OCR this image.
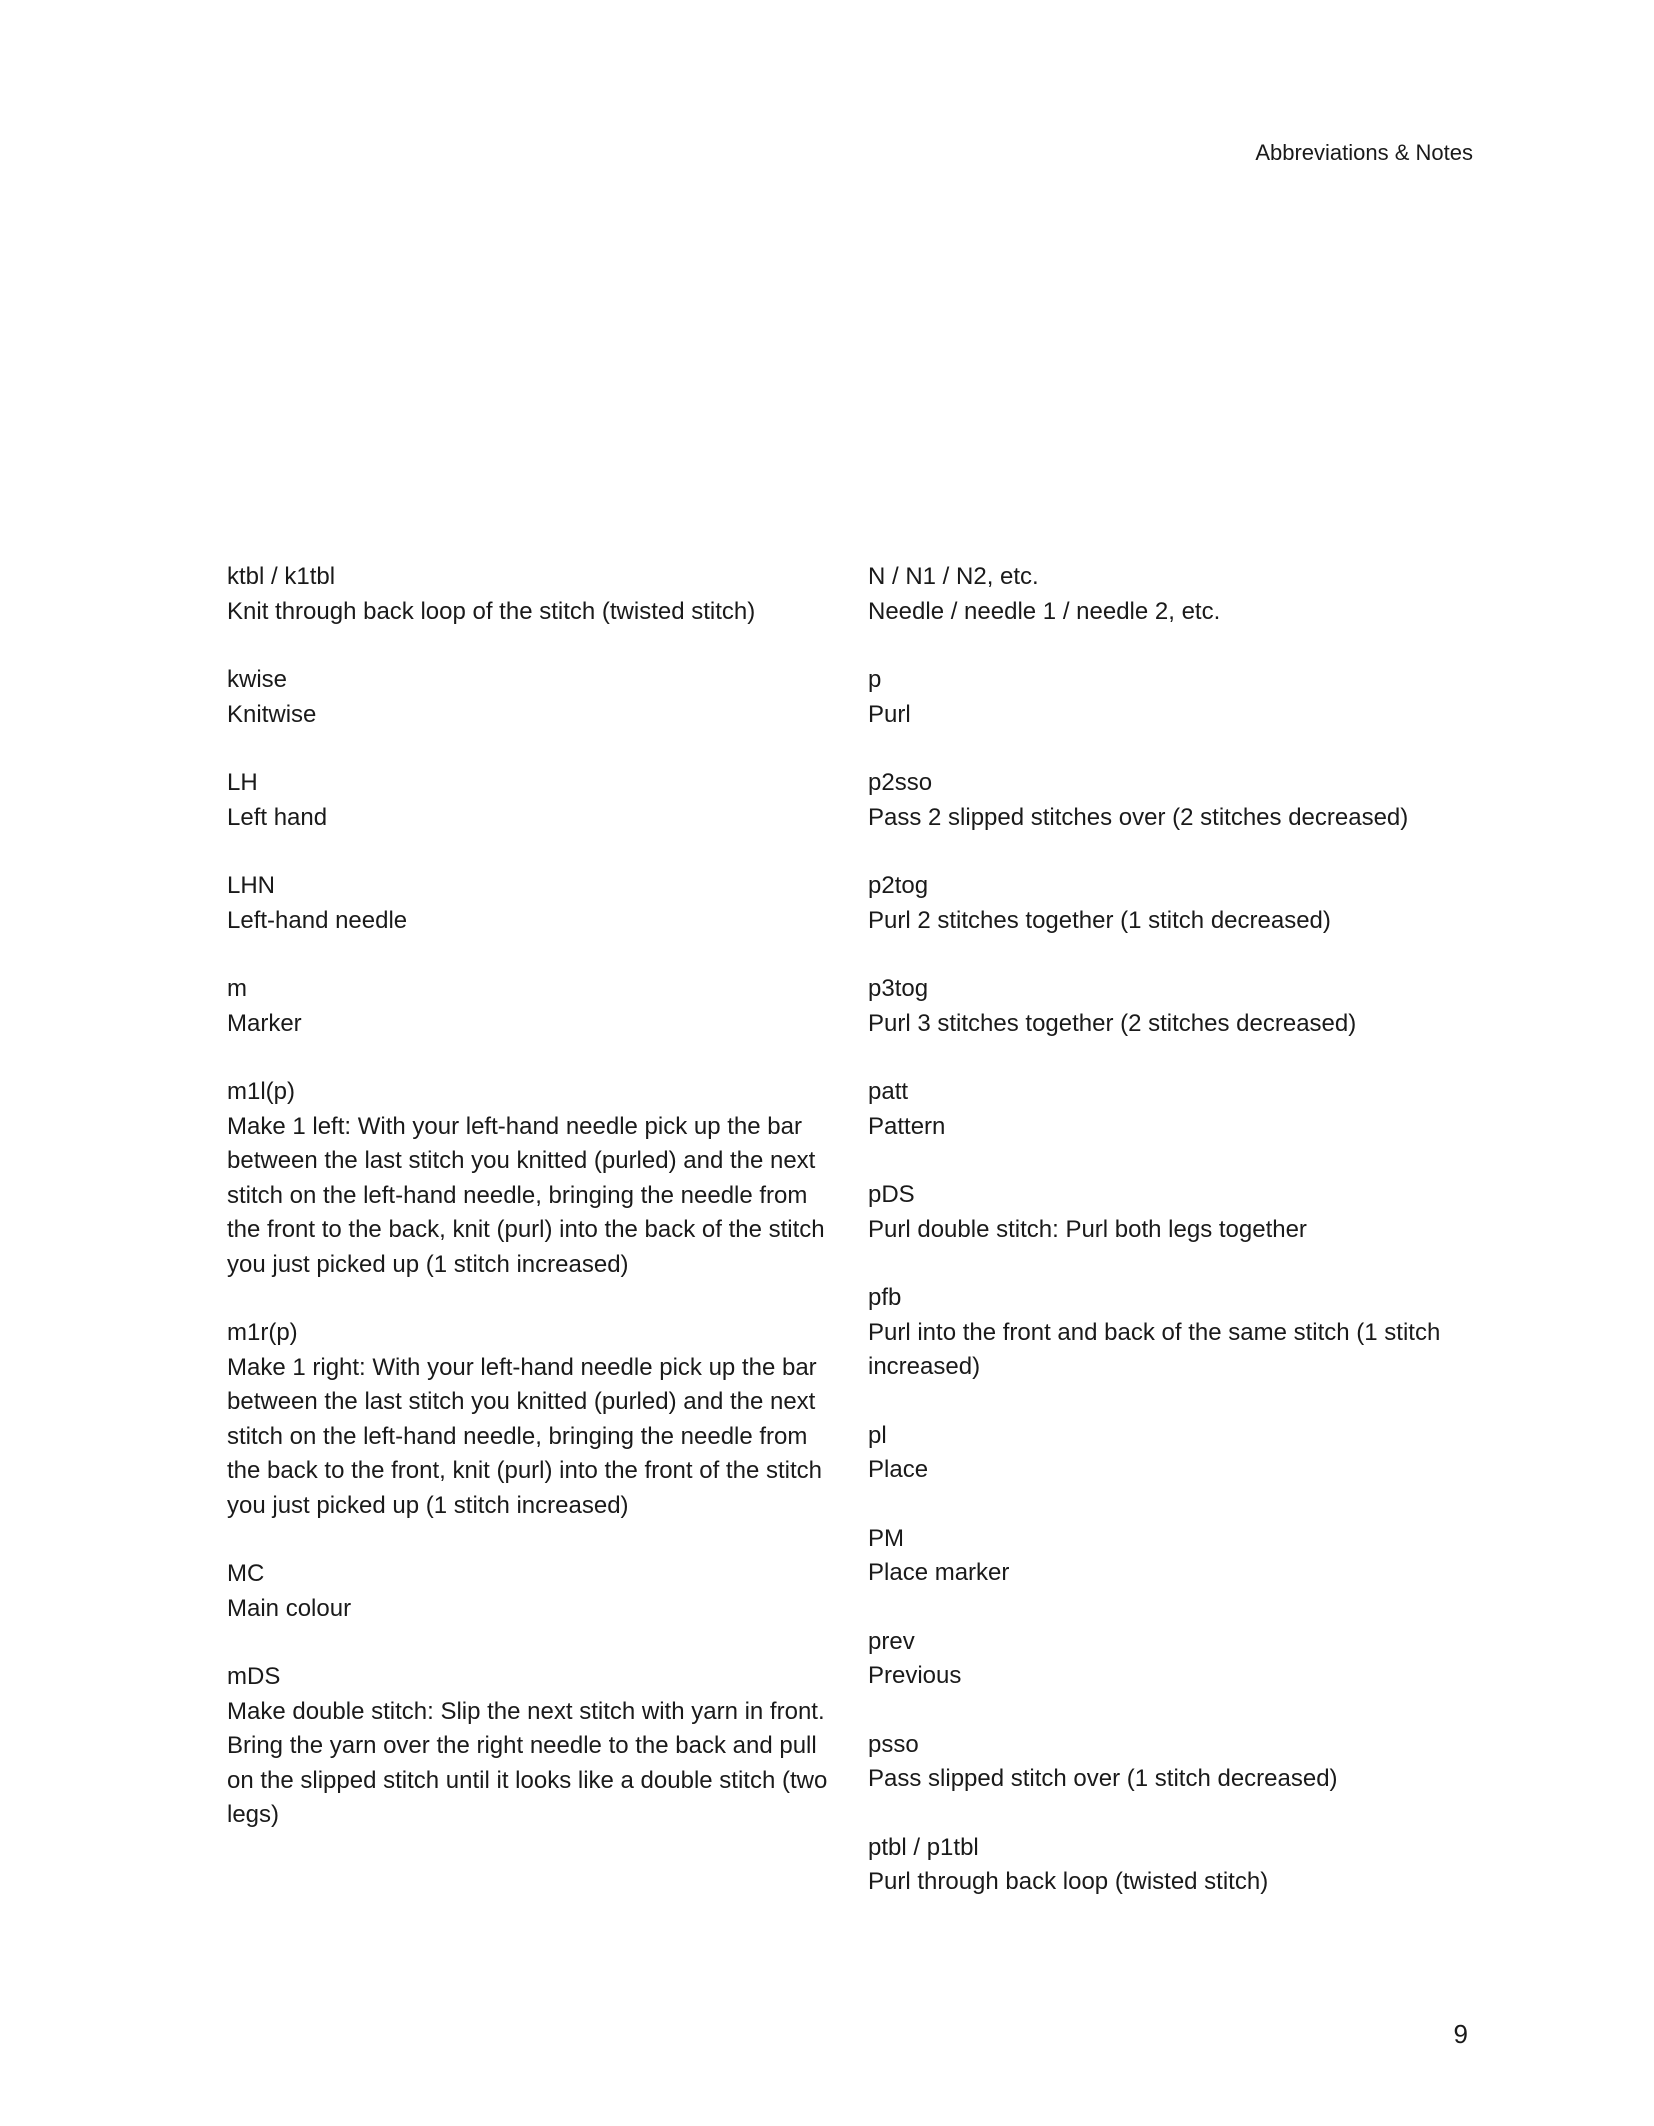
Abbreviations & Notes

ktbl / k1tbl

Knit through back loop of the stitch (twisted stitch)

kwise

Knitwise

LH

Left hand

LHN

Left-hand needle

m

Marker

m1l(p)

Make 1 left: With your left-hand needle pick up the bar between the last stitch you knitted (purled) and the next stitch on the left-hand needle, bringing the needle from the front to the back, knit (purl) into the back of the stitch you just picked up (1 stitch increased)

m1r(p)

Make 1 right: With your left-hand needle pick up the bar between the last stitch you knitted (purled) and the next stitch on the left-hand needle, bringing the needle from the back to the front, knit (purl) into the front of the stitch you just picked up (1 stitch increased)

MC

Main colour

mDS

Make double stitch: Slip the next stitch with yarn in front. Bring the yarn over the right needle to the back and pull on the slipped stitch until it looks like a double stitch (two legs)

N / N1 / N2, etc.

Needle / needle 1 / needle 2, etc.

p

Purl

p2sso

Pass 2 slipped stitches over (2 stitches decreased)

p2tog

Purl 2 stitches together (1 stitch decreased)

p3tog

Purl 3 stitches together (2 stitches decreased)

patt

Pattern

pDS

Purl double stitch: Purl both legs together

pfb

Purl into the front and back of the same stitch (1 stitch increased)

pl

Place

PM

Place marker

prev

Previous

psso

Pass slipped stitch over (1 stitch decreased)

ptbl / p1tbl

Purl through back loop (twisted stitch)

9
